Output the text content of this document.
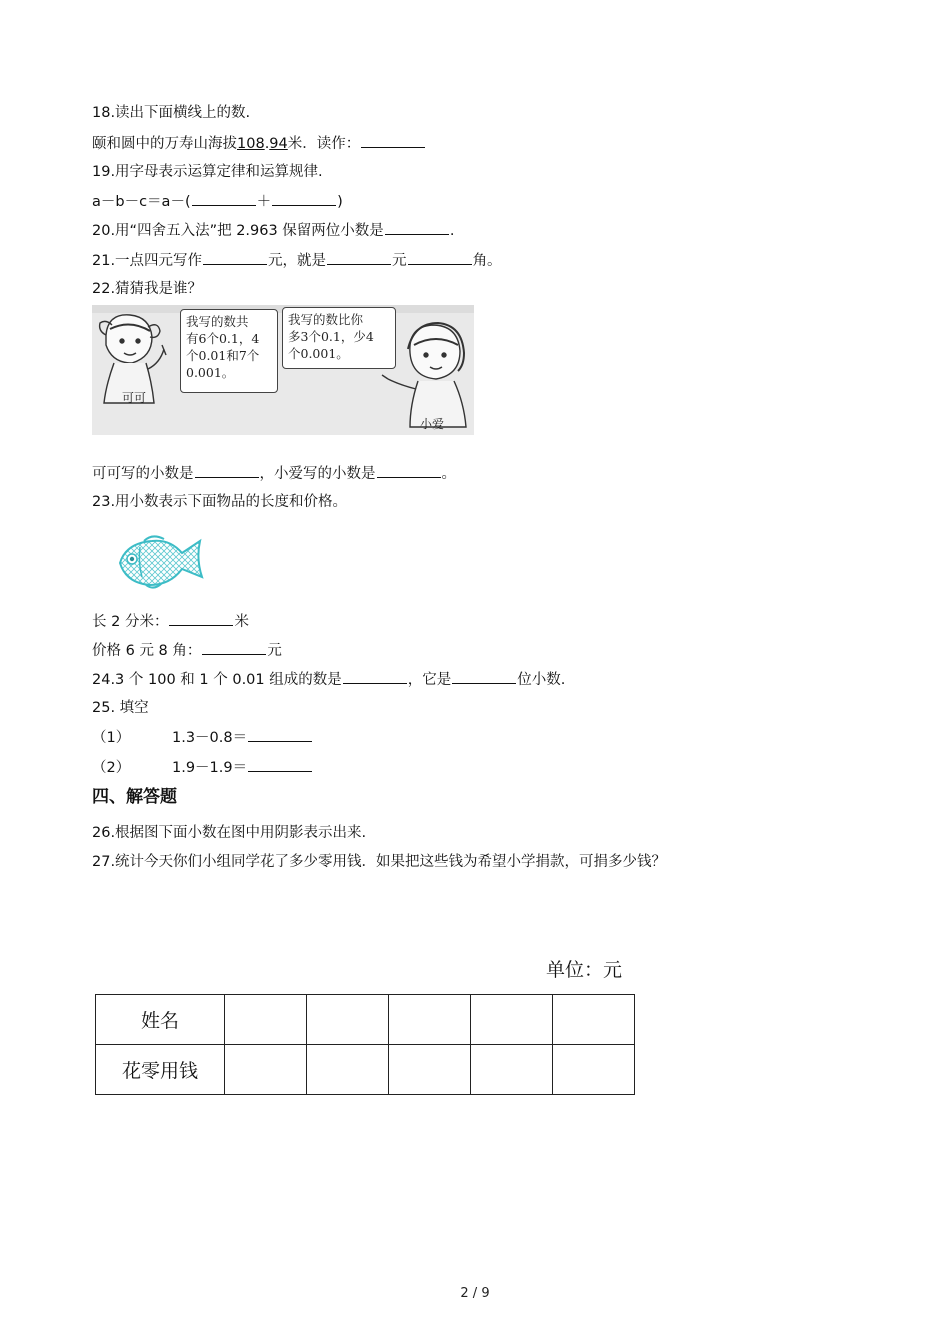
18.读出下面横线上的数.
颐和圆中的万寿山海拔108.94米．读作：
19.用字母表示运算定律和运算规律.
a－b－c＝a－(	＋	)
20.用“四舍五入法”把 2.963 保留两位小数是	.
21.一点四元写作	元，就是	元	角。
22.猜猜我是谁？
我写的数共
有6个0.1，4
个0.01和7个
0.001。
我写的数比你
多3个0.1，少4
个0.001。
可可
小爱
可可写的小数是	，小爱写的小数是	。
23.用小数表示下面物品的长度和价格。
长 2 分米：	米
价格 6 元 8 角：	元
24.3 个 100 和 1 个 0.01 组成的数是	，它是	位小数.
25. 填空
（1）	1.3－0.8＝
（2）	1.9－1.9＝
四、解答题
26.根据图下面小数在图中用阴影表示出来.
27.统计今天你们小组同学花了多少零用钱．如果把这些钱为希望小学捐款，可捐多少钱？
单位：元
姓名					
花零用钱					
2 / 9
